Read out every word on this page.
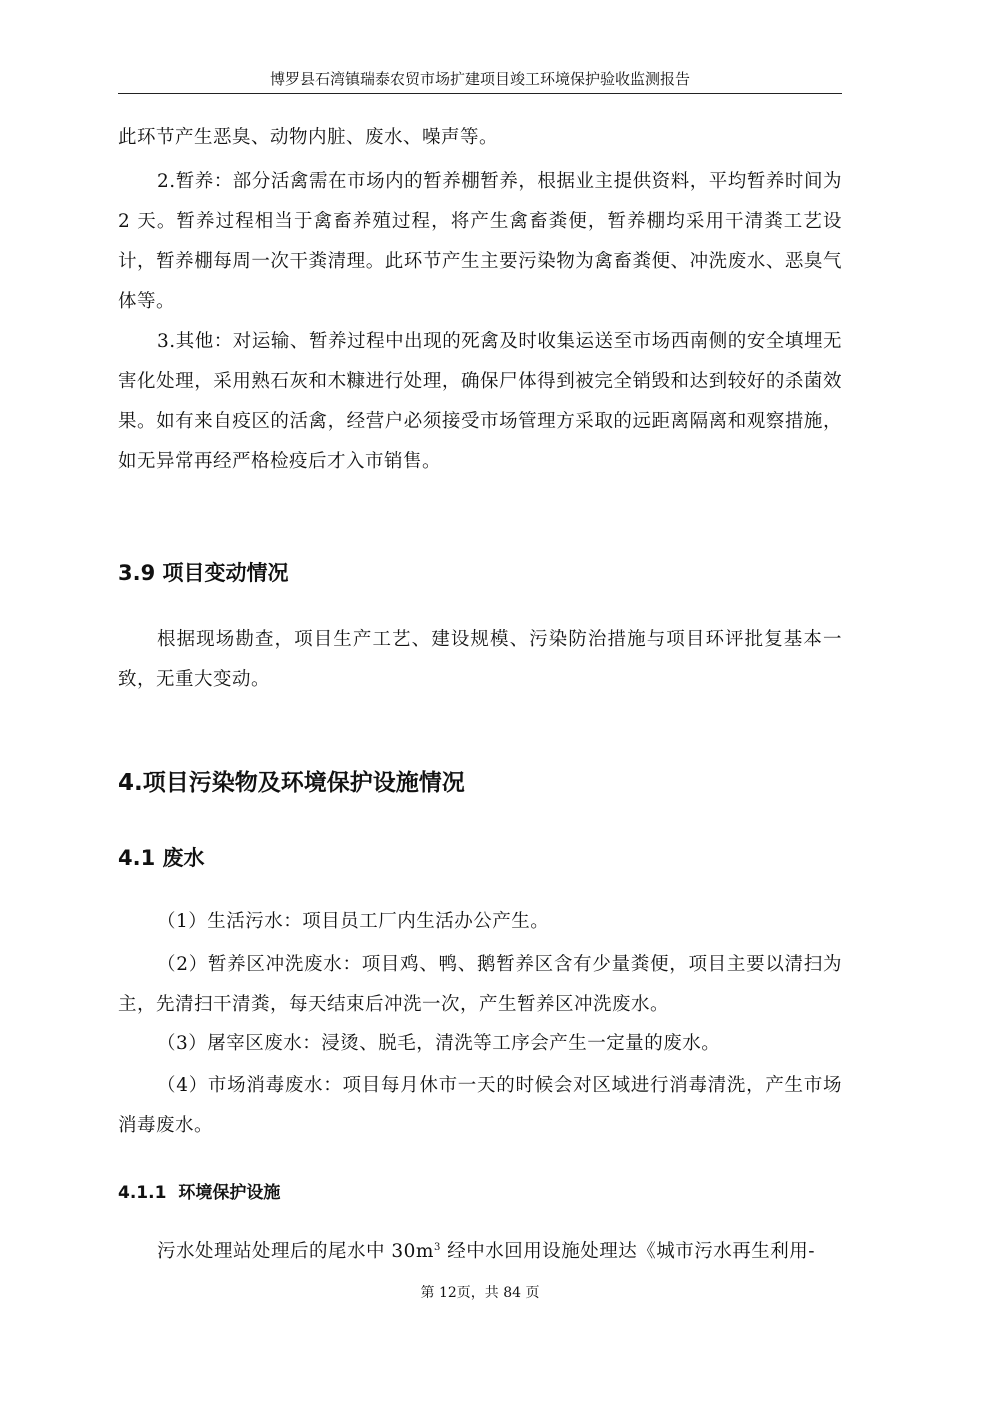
博罗县石湾镇瑞泰农贸市场扩建项目竣工环境保护验收监测报告
此环节产生恶臭、动物内脏、废水、噪声等。
2.暂养：部分活禽需在市场内的暂养棚暂养，根据业主提供资料，平均暂养时间为 2 天。暂养过程相当于禽畜养殖过程，将产生禽畜粪便，暂养棚均采用干清粪工艺设计，暂养棚每周一次干粪清理。此环节产生主要污染物为禽畜粪便、冲洗废水、恶臭气体等。
3.其他：对运输、暂养过程中出现的死禽及时收集运送至市场西南侧的安全填埋无害化处理，采用熟石灰和木糠进行处理，确保尸体得到被完全销毁和达到较好的杀菌效果。如有来自疫区的活禽，经营户必须接受市场管理方采取的远距离隔离和观察措施，如无异常再经严格检疫后才入市销售。
3.9 项目变动情况
根据现场勘查，项目生产工艺、建设规模、污染防治措施与项目环评批复基本一致，无重大变动。
4.项目污染物及环境保护设施情况
4.1 废水
（1）生活污水：项目员工厂内生活办公产生。
（2）暂养区冲洗废水：项目鸡、鸭、鹅暂养区含有少量粪便，项目主要以清扫为主，先清扫干清粪，每天结束后冲洗一次，产生暂养区冲洗废水。
（3）屠宰区废水：浸烫、脱毛，清洗等工序会产生一定量的废水。
（4）市场消毒废水：项目每月休市一天的时候会对区域进行消毒清洗，产生市场消毒废水。
4.1.1 环境保护设施
污水处理站处理后的尾水中 $30m^3$ 经中水回用设施处理达《城市污水再生利用-
第 12页，共 84 页
